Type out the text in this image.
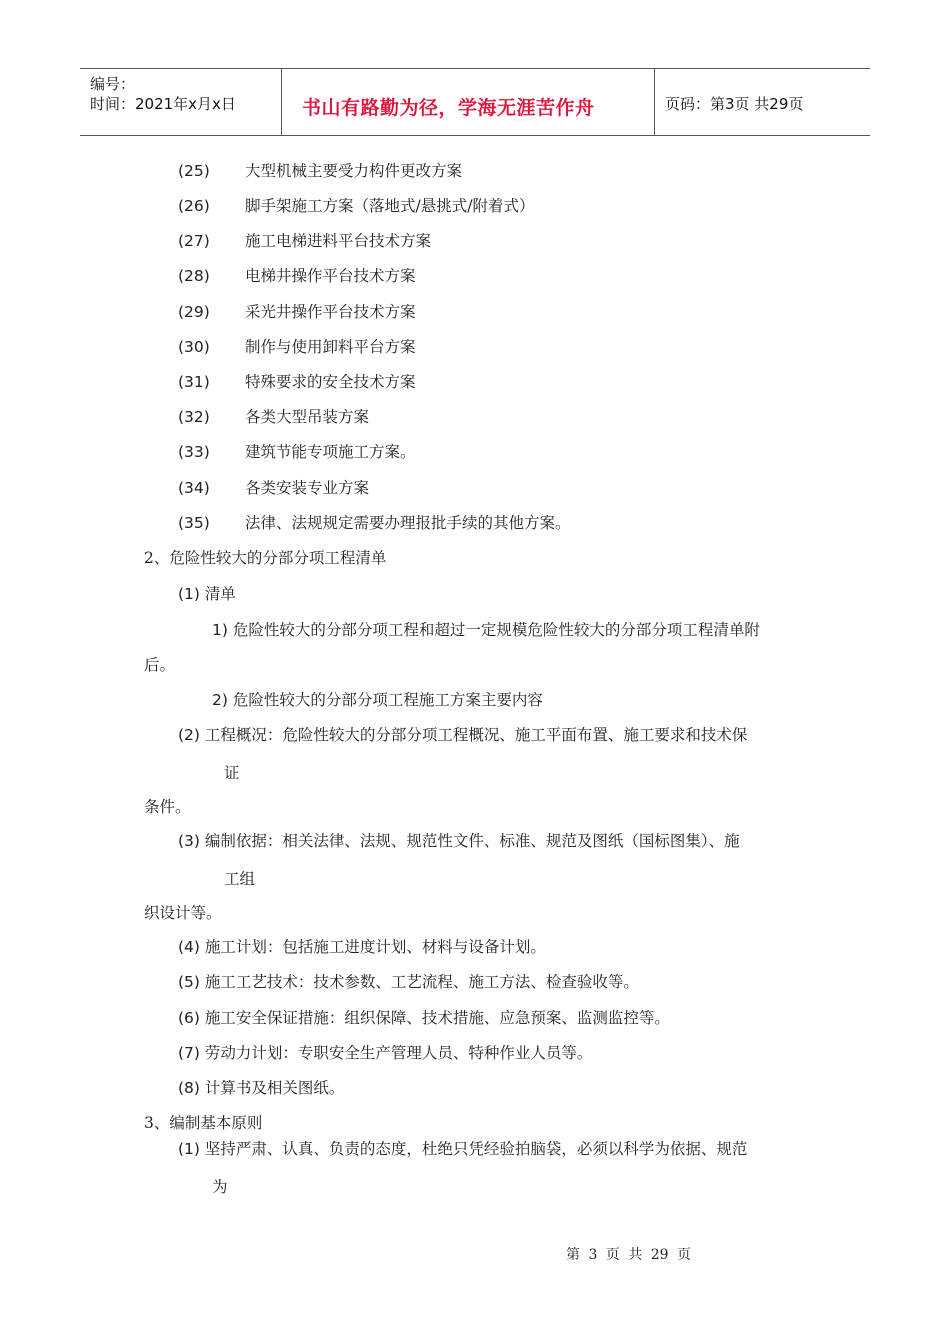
编号：
时间：2021年x月x日	书山有路勤为径，学海无涯苦作舟	页码：第3页 共29页
(25) 大型机械主要受力构件更改方案
(26) 脚手架施工方案（落地式/悬挑式/附着式）
(27) 施工电梯进料平台技术方案
(28) 电梯井操作平台技术方案
(29) 采光井操作平台技术方案
(30) 制作与使用卸料平台方案
(31) 特殊要求的安全技术方案
(32) 各类大型吊装方案
(33) 建筑节能专项施工方案。
(34) 各类安装专业方案
(35) 法律、法规规定需要办理报批手续的其他方案。
2、危险性较大的分部分项工程清单
(1) 清单
1) 危险性较大的分部分项工程和超过一定规模危险性较大的分部分项工程清单附
后。
2) 危险性较大的分部分项工程施工方案主要内容
(2) 工程概况：危险性较大的分部分项工程概况、施工平面布置、施工要求和技术保
证
条件。
(3) 编制依据：相关法律、法规、规范性文件、标准、规范及图纸（国标图集）、施
工组
织设计等。
(4) 施工计划：包括施工进度计划、材料与设备计划。
(5) 施工工艺技术：技术参数、工艺流程、施工方法、检查验收等。
(6) 施工安全保证措施：组织保障、技术措施、应急预案、监测监控等。
(7) 劳动力计划：专职安全生产管理人员、特种作业人员等。
(8) 计算书及相关图纸。
3、编制基本原则
(1) 坚持严肃、认真、负责的态度，杜绝只凭经验拍脑袋，必须以科学为依据、规范
为
第 3 页 共 29 页
